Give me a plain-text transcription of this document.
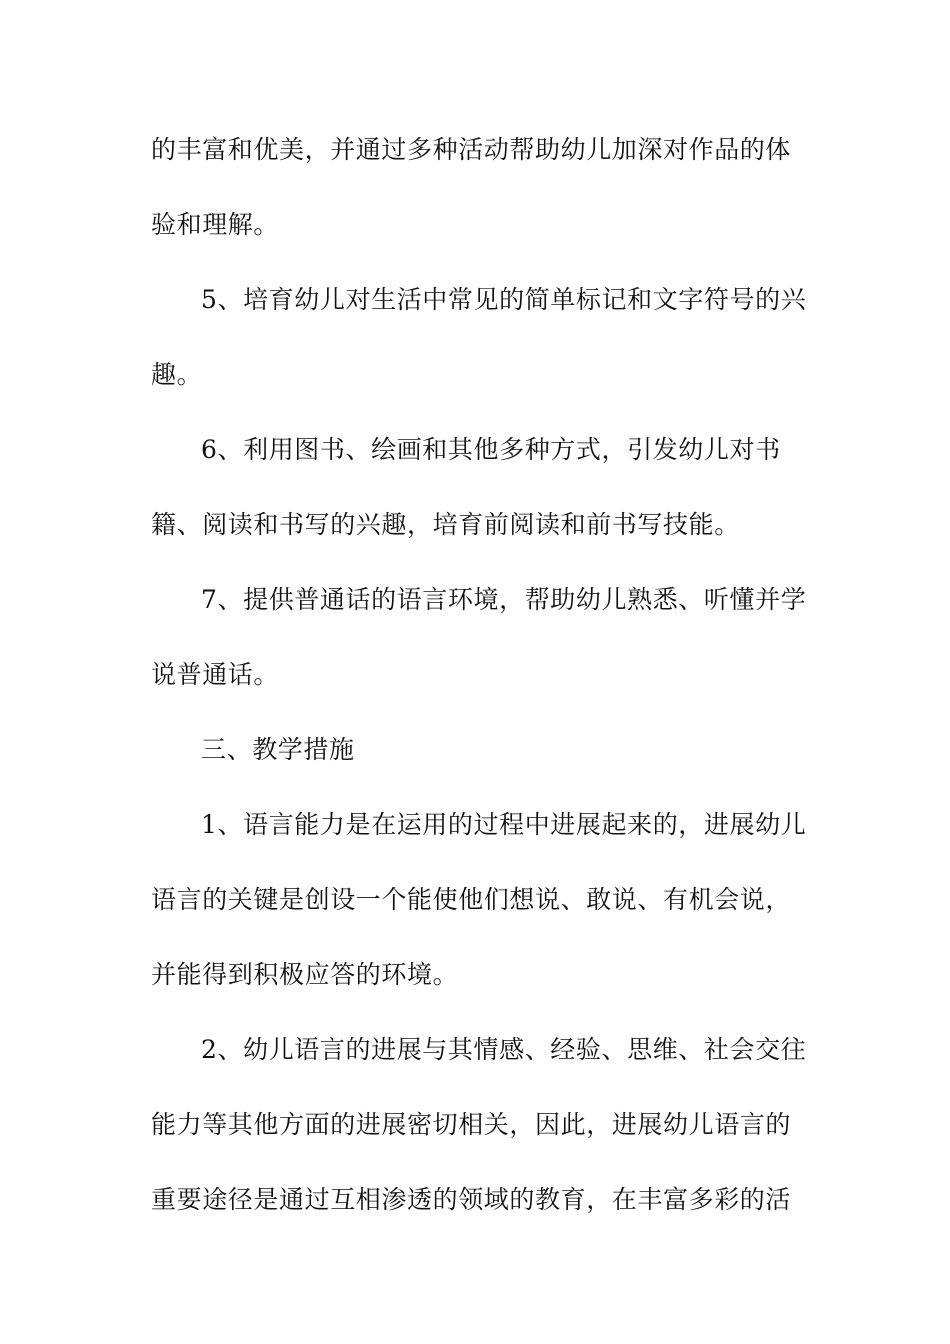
的丰富和优美，并通过多种活动帮助幼儿加深对作品的体

验和理解。

5、培育幼儿对生活中常见的简单标记和文字符号的兴

趣。

6、利用图书、绘画和其他多种方式，引发幼儿对书

籍、阅读和书写的兴趣，培育前阅读和前书写技能。

7、提供普通话的语言环境，帮助幼儿熟悉、听懂并学

说普通话。

三、教学措施

1、语言能力是在运用的过程中进展起来的，进展幼儿

语言的关键是创设一个能使他们想说、敢说、有机会说，

并能得到积极应答的环境。

2、幼儿语言的进展与其情感、经验、思维、社会交往

能力等其他方面的进展密切相关，因此，进展幼儿语言的

重要途径是通过互相渗透的领域的教育，在丰富多彩的活
